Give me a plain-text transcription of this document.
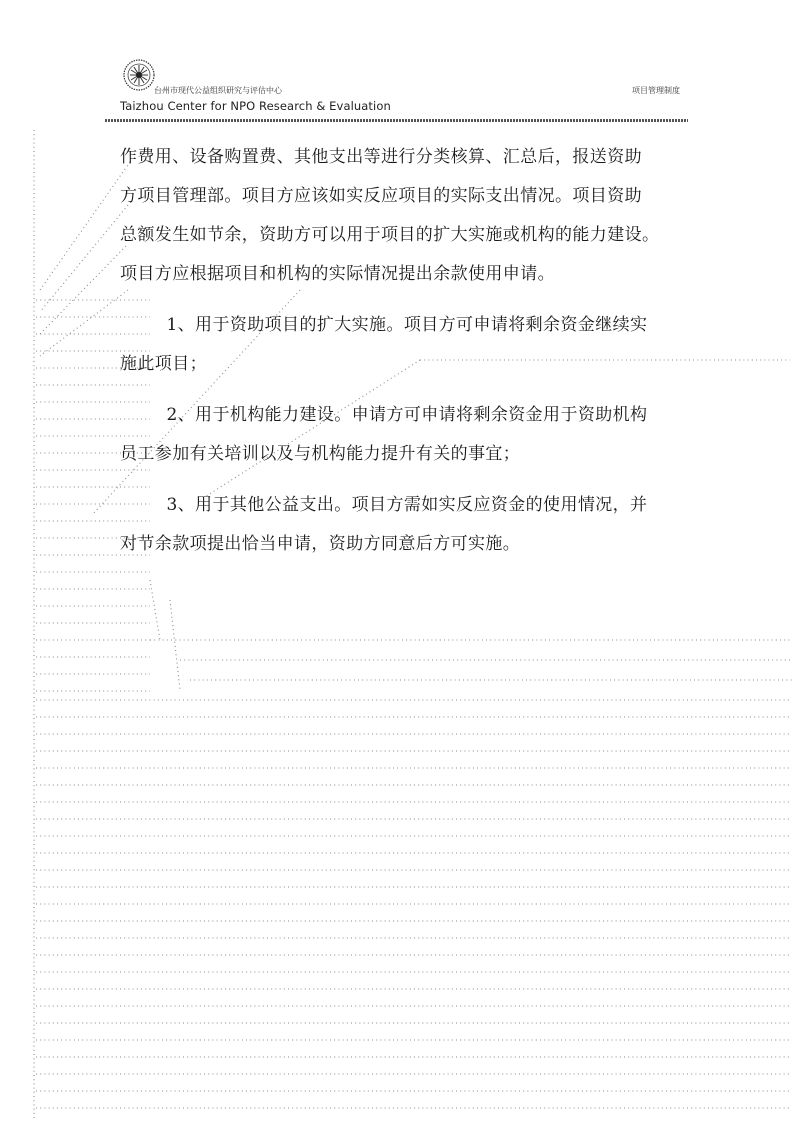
台州市现代公益组织研究与评估中心
Taizhou Center for NPO Research & Evaluation
项目管理制度

作费用、设备购置费、其他支出等进行分类核算、汇总后，报送资助
方项目管理部。项目方应该如实反应项目的实际支出情况。项目资助
总额发生如节余，资助方可以用于项目的扩大实施或机构的能力建设。
项目方应根据项目和机构的实际情况提出余款使用申请。

1、用于资助项目的扩大实施。项目方可申请将剩余资金继续实
施此项目；

2、用于机构能力建设。申请方可申请将剩余资金用于资助机构
员工参加有关培训以及与机构能力提升有关的事宜；

3、用于其他公益支出。项目方需如实反应资金的使用情况，并
对节余款项提出恰当申请，资助方同意后方可实施。
